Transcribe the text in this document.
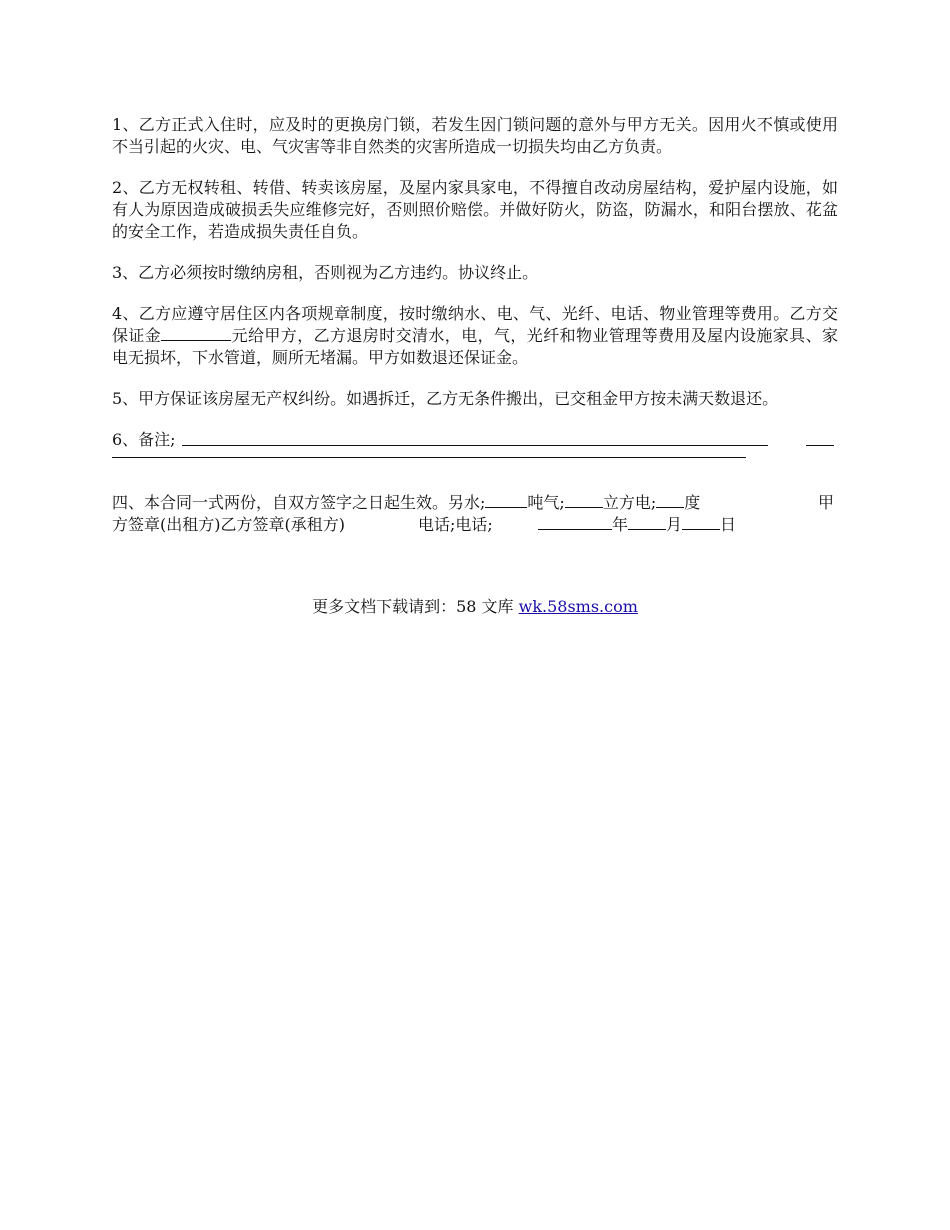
1、乙方正式入住时，应及时的更换房门锁，若发生因门锁问题的意外与甲方无关。因用火不慎或使用不当引起的火灾、电、气灾害等非自然类的灾害所造成一切损失均由乙方负责。

2、乙方无权转租、转借、转卖该房屋，及屋内家具家电，不得擅自改动房屋结构，爱护屋内设施，如有人为原因造成破损丢失应维修完好，否则照价赔偿。并做好防火，防盗，防漏水，和阳台摆放、花盆的安全工作，若造成损失责任自负。

3、乙方必须按时缴纳房租，否则视为乙方违约。协议终止。

4、乙方应遵守居住区内各项规章制度，按时缴纳水、电、气、光纤、电话、物业管理等费用。乙方交保证金	元给甲方，乙方退房时交清水，电，气，光纤和物业管理等费用及屋内设施家具、家电无损坏，下水管道，厕所无堵漏。甲方如数退还保证金。

5、甲方保证该房屋无产权纠纷。如遇拆迁，乙方无条件搬出，已交租金甲方按未满天数退还。

6、备注;
四、本合同一式两份，自双方签字之日起生效。另水;	吨气; 立方电; 度	甲
方签章(出租方)乙方签章(承租方)	电话;电话;	年 月 日
更多文档下载请到：58 文库 wk.58sms.com
